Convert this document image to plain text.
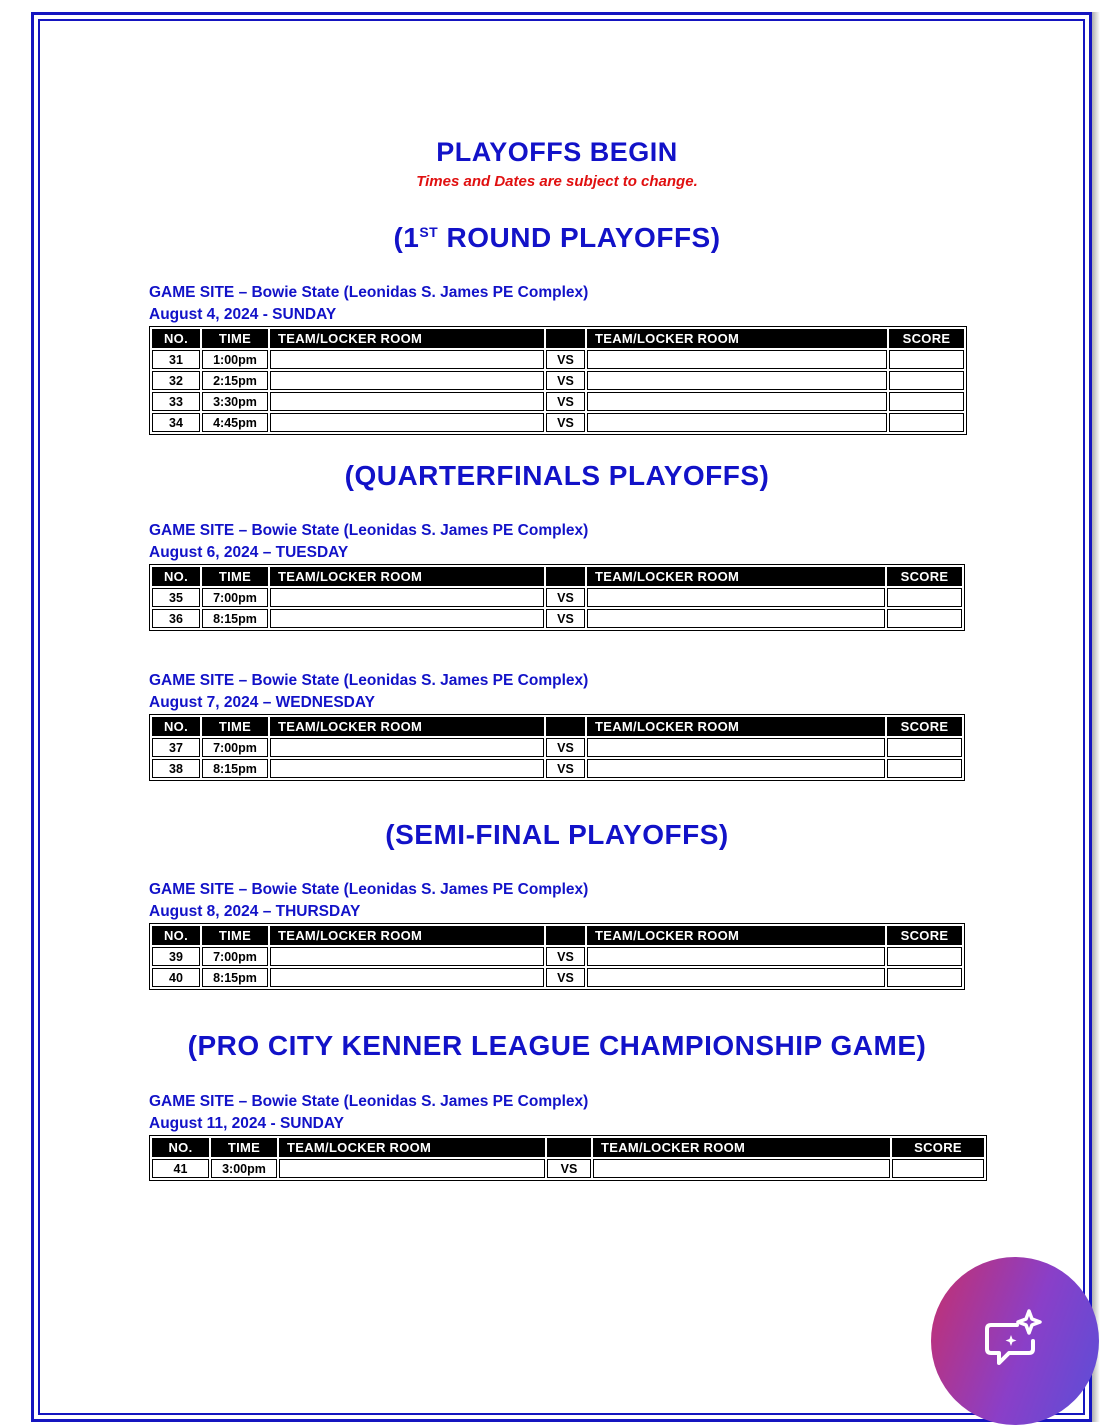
PLAYOFFS BEGIN
Times and Dates are subject to change.
(1ST ROUND PLAYOFFS)
GAME SITE – Bowie State (Leonidas S. James PE Complex)
August 4, 2024 - SUNDAY
NO.	TIME	TEAM/LOCKER ROOM		TEAM/LOCKER ROOM	SCORE
31	1:00pm		VS		
32	2:15pm		VS		
33	3:30pm		VS		
34	4:45pm		VS		
(QUARTERFINALS PLAYOFFS)
GAME SITE – Bowie State (Leonidas S. James PE Complex)
August 6, 2024 – TUESDAY
NO.	TIME	TEAM/LOCKER ROOM		TEAM/LOCKER ROOM	SCORE
35	7:00pm		VS		
36	8:15pm		VS		
GAME SITE – Bowie State (Leonidas S. James PE Complex)
August 7, 2024 – WEDNESDAY
NO.	TIME	TEAM/LOCKER ROOM		TEAM/LOCKER ROOM	SCORE
37	7:00pm		VS		
38	8:15pm		VS		
(SEMI-FINAL PLAYOFFS)
GAME SITE – Bowie State (Leonidas S. James PE Complex)
August 8, 2024 – THURSDAY
NO.	TIME	TEAM/LOCKER ROOM		TEAM/LOCKER ROOM	SCORE
39	7:00pm		VS		
40	8:15pm		VS		
(PRO CITY KENNER LEAGUE CHAMPIONSHIP GAME)
GAME SITE – Bowie State (Leonidas S. James PE Complex)
August 11, 2024 - SUNDAY
NO.	TIME	TEAM/LOCKER ROOM		TEAM/LOCKER ROOM	SCORE
41	3:00pm		VS		
